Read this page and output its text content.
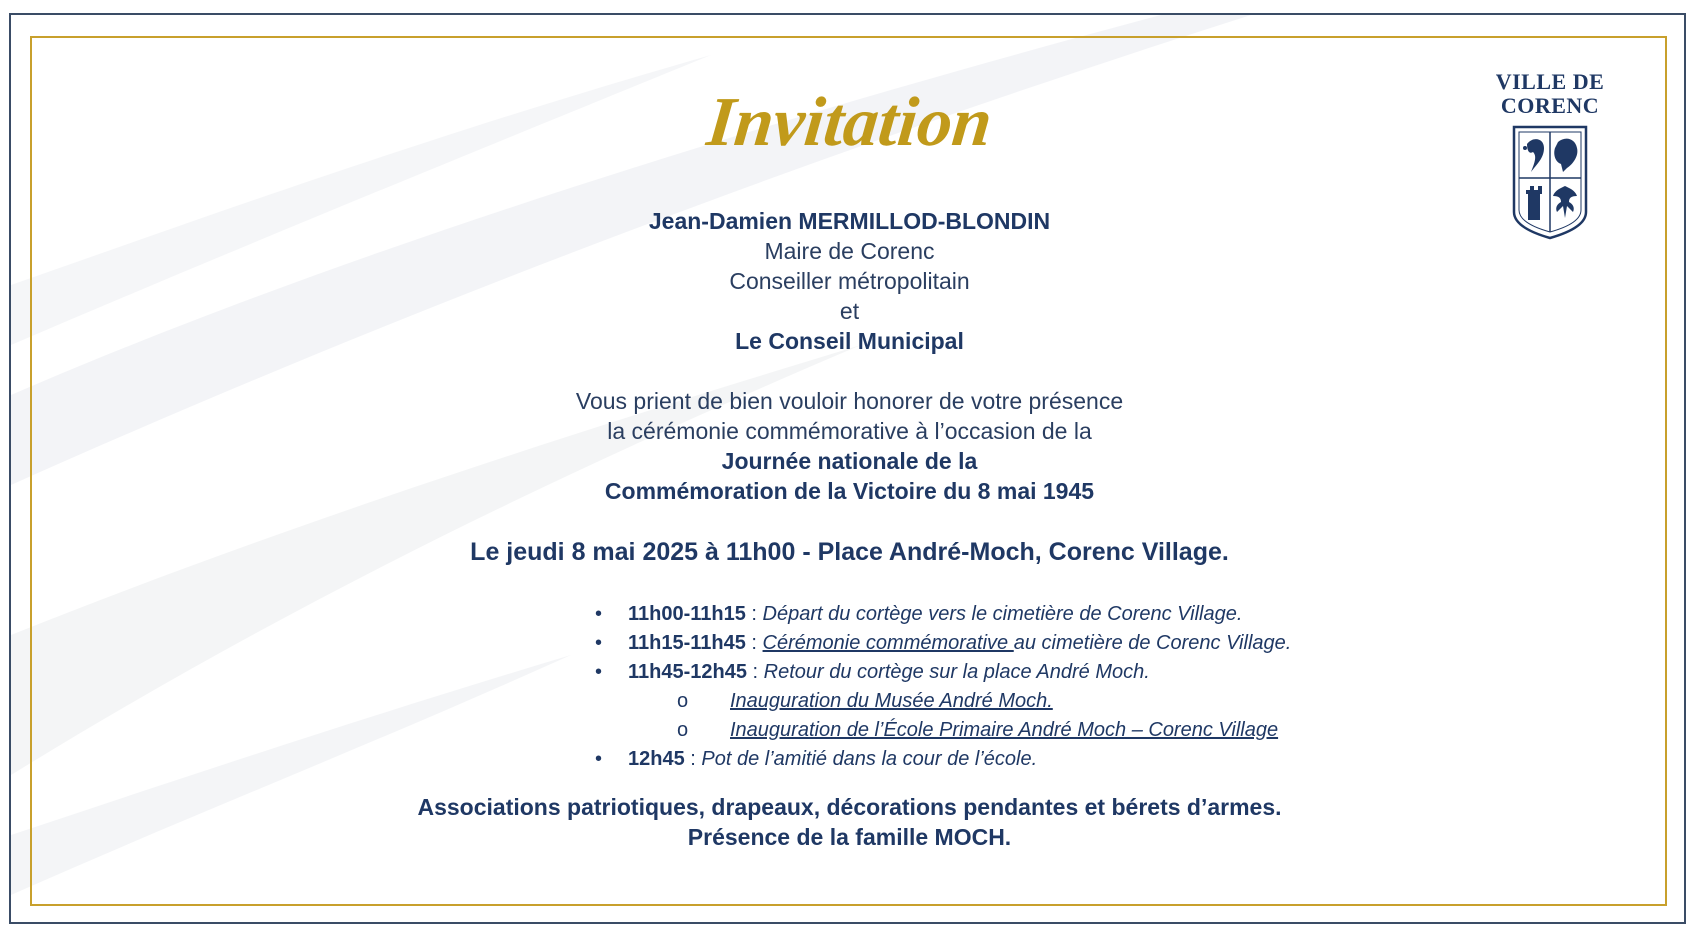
VILLE DE
CORENC
Invitation

Jean-Damien MERMILLOD-BLONDIN

Maire de Corenc

Conseiller métropolitain

et

Le Conseil Municipal

Vous prient de bien vouloir honorer de votre présence

la cérémonie commémorative à l’occasion de la

Journée nationale de la

Commémoration de la Victoire du 8 mai 1945

Le jeudi 8 mai 2025 à 11h00 - Place André-Moch, Corenc Village.
• 11h00-11h15 : Départ du cortège vers le cimetière de Corenc Village.
• 11h15-11h45 : Cérémonie commémorative au cimetière de Corenc Village.
• 11h45-12h45 : Retour du cortège sur la place André Moch.
o Inauguration du Musée André Moch.
o Inauguration de l’École Primaire André Moch – Corenc Village
• 12h45 : Pot de l’amitié dans la cour de l’école.

Associations patriotiques, drapeaux, décorations pendantes et bérets d’armes.

Présence de la famille MOCH.
